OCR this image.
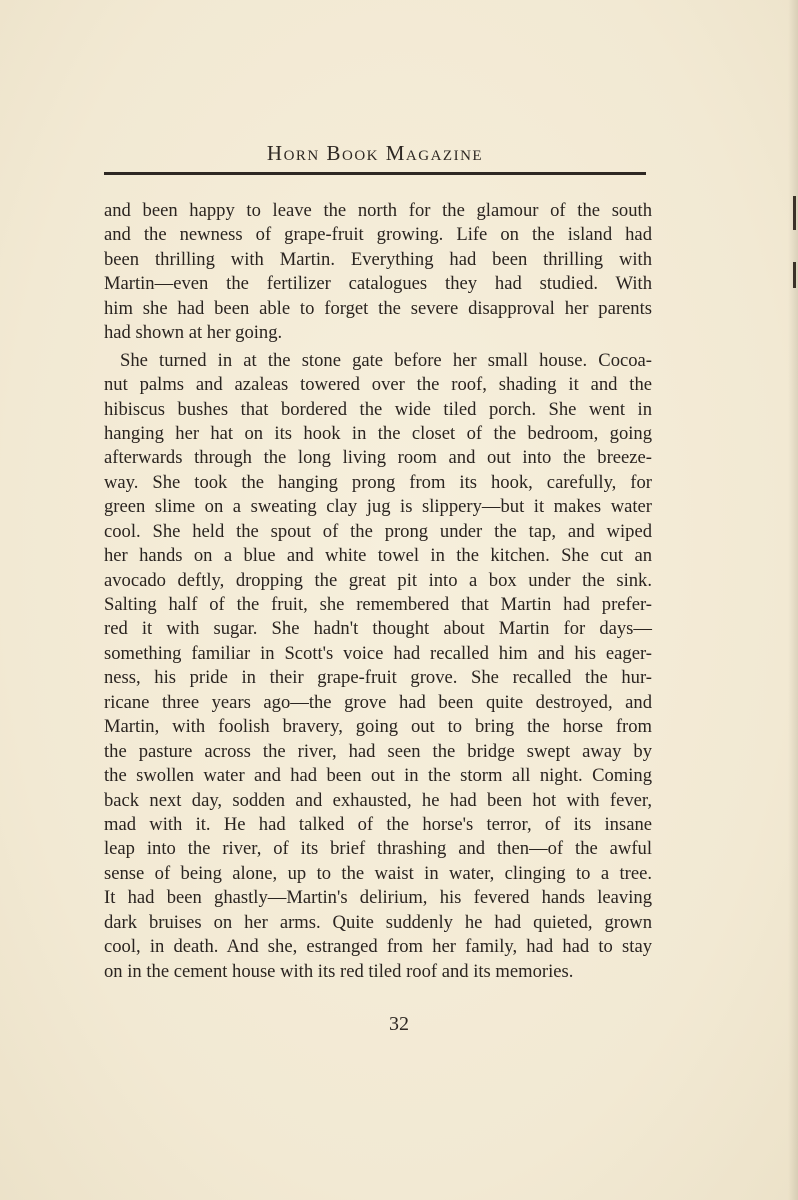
Horn Book Magazine
and been happy to leave the north for the glamour of the south
and the newness of grape-fruit growing. Life on the island had
been thrilling with Martin. Everything had been thrilling with
Martin—even the fertilizer catalogues they had studied. With
him she had been able to forget the severe disapproval her parents
had shown at her going.
She turned in at the stone gate before her small house. Cocoa-
nut palms and azaleas towered over the roof, shading it and the
hibiscus bushes that bordered the wide tiled porch. She went in
hanging her hat on its hook in the closet of the bedroom, going
afterwards through the long living room and out into the breeze-
way. She took the hanging prong from its hook, carefully, for
green slime on a sweating clay jug is slippery—but it makes water
cool. She held the spout of the prong under the tap, and wiped
her hands on a blue and white towel in the kitchen. She cut an
avocado deftly, dropping the great pit into a box under the sink.
Salting half of the fruit, she remembered that Martin had prefer-
red it with sugar. She hadn't thought about Martin for days—
something familiar in Scott's voice had recalled him and his eager-
ness, his pride in their grape-fruit grove. She recalled the hur-
ricane three years ago—the grove had been quite destroyed, and
Martin, with foolish bravery, going out to bring the horse from
the pasture across the river, had seen the bridge swept away by
the swollen water and had been out in the storm all night. Coming
back next day, sodden and exhausted, he had been hot with fever,
mad with it. He had talked of the horse's terror, of its insane
leap into the river, of its brief thrashing and then—of the awful
sense of being alone, up to the waist in water, clinging to a tree.
It had been ghastly—Martin's delirium, his fevered hands leaving
dark bruises on her arms. Quite suddenly he had quieted, grown
cool, in death. And she, estranged from her family, had had to stay
on in the cement house with its red tiled roof and its memories.
32
